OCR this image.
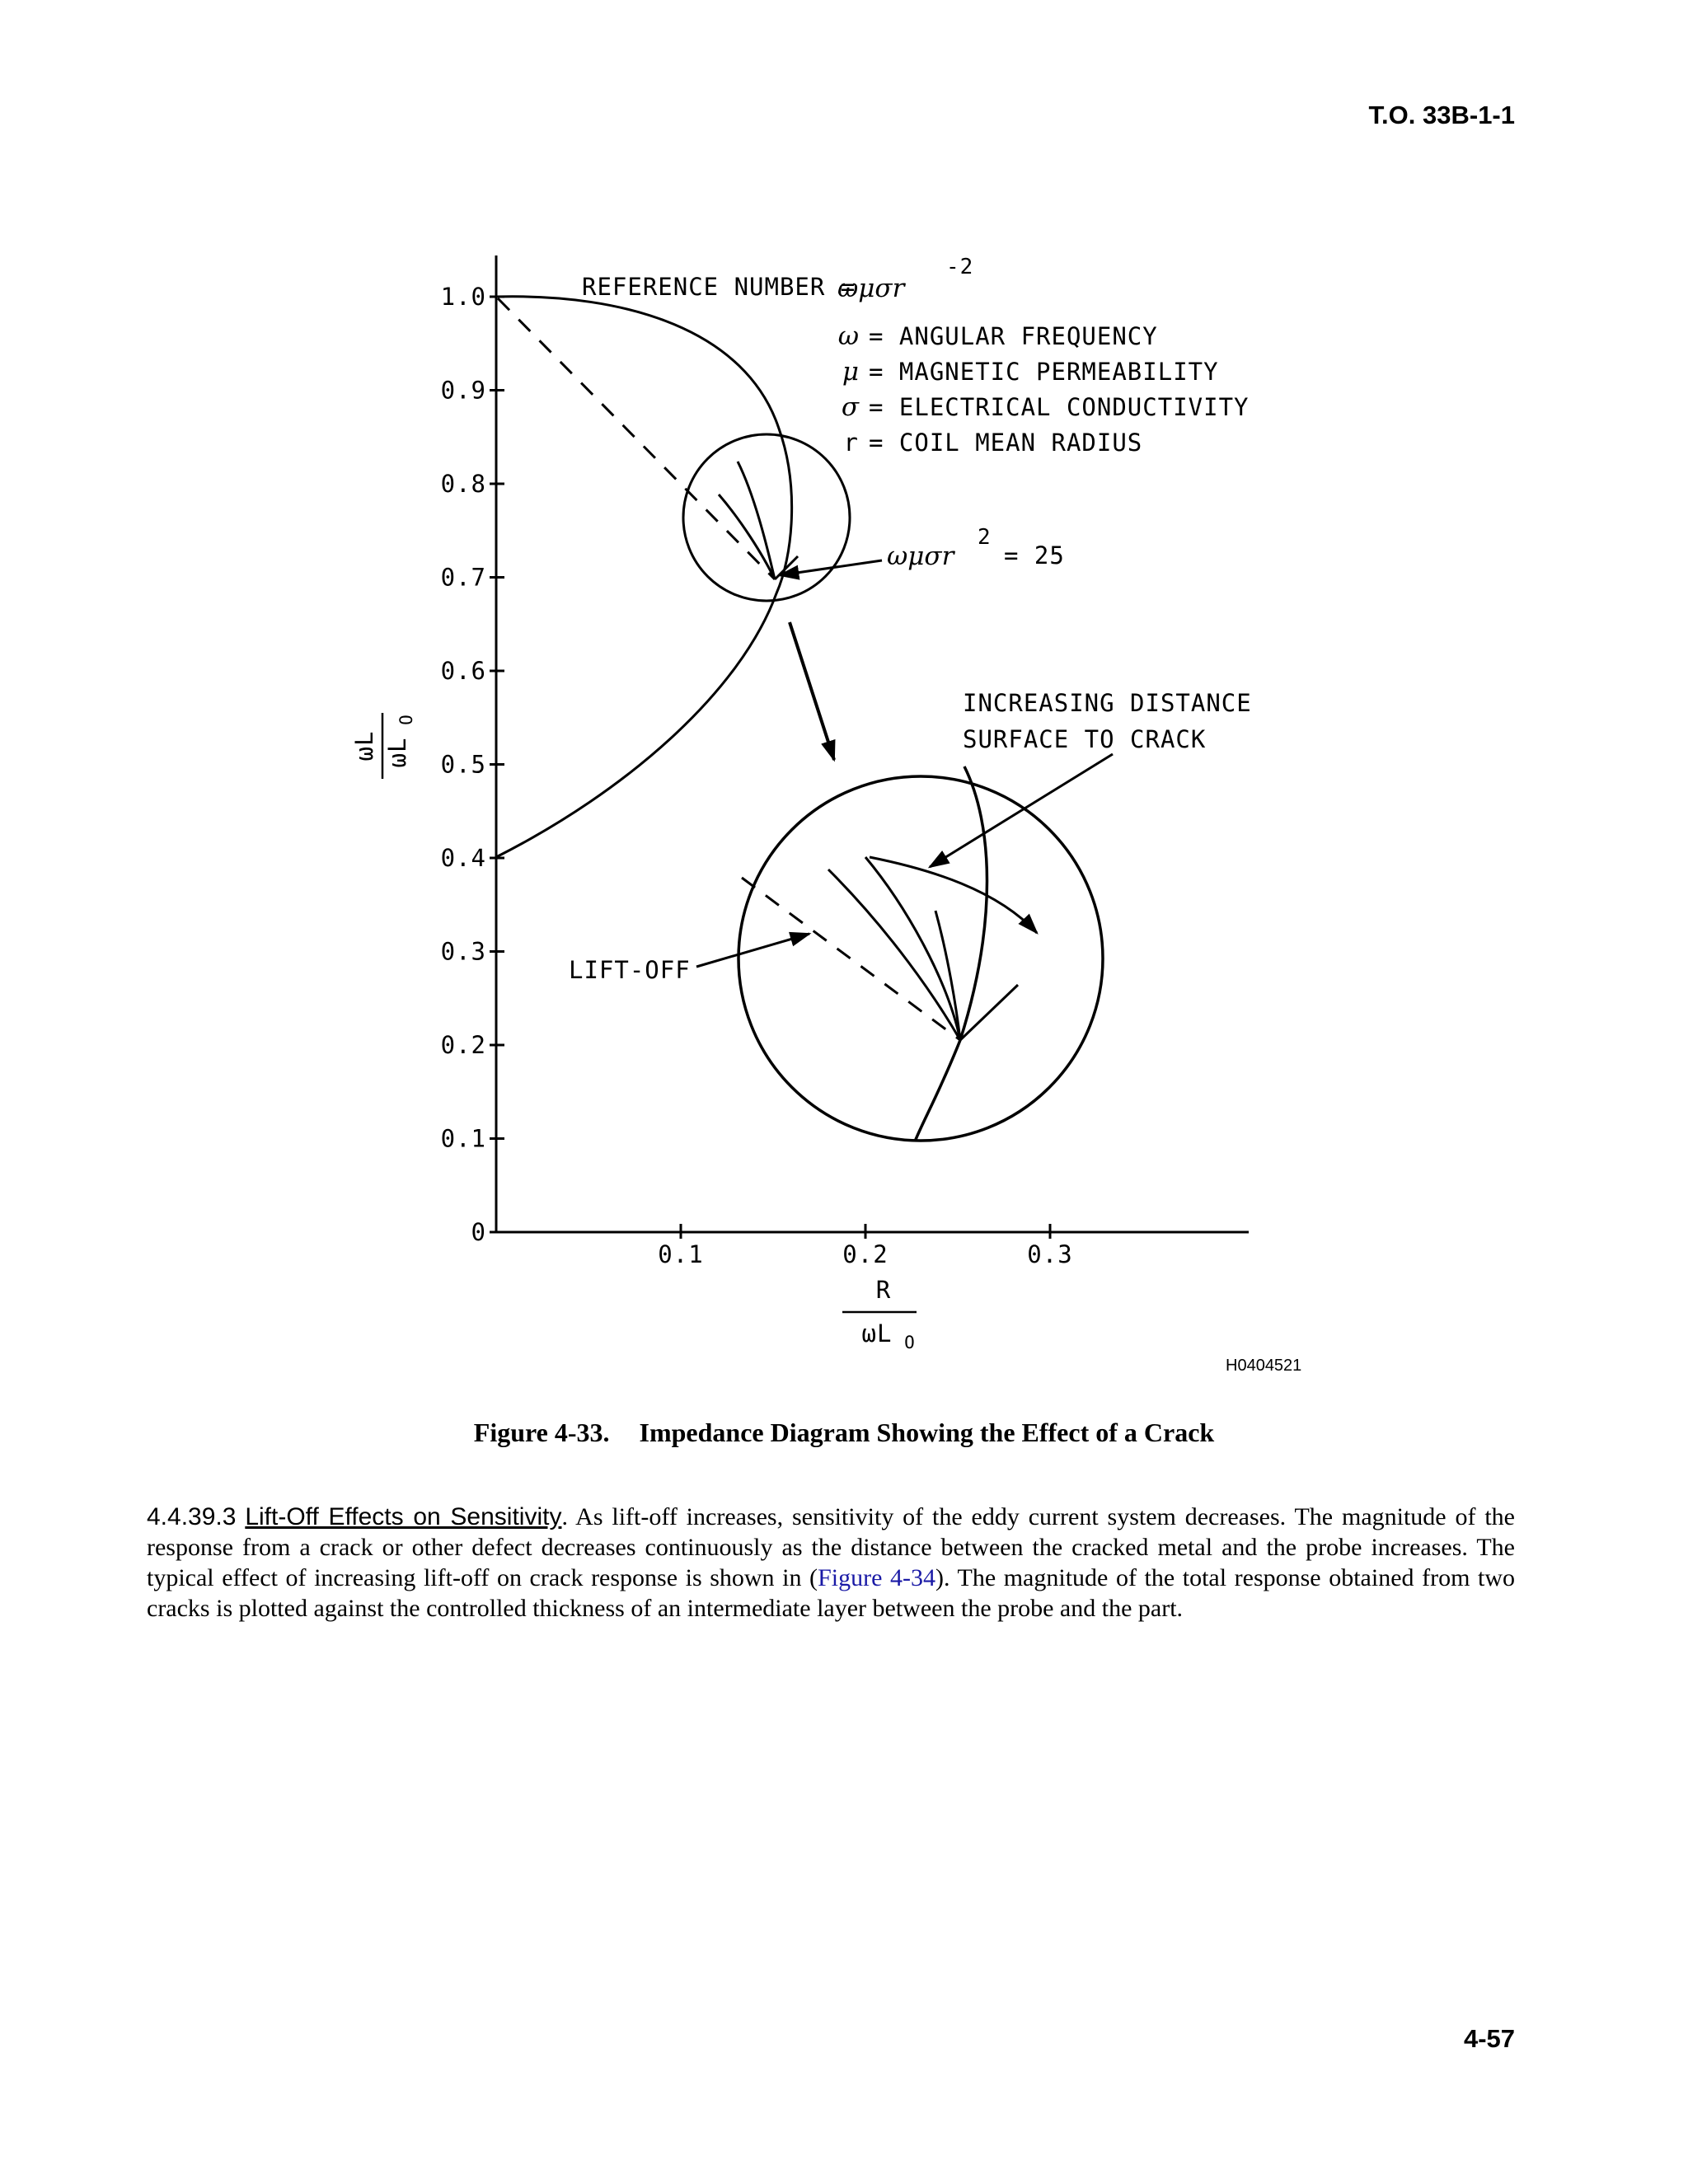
T.O. 33B-1-1
1.0
0.9
0.8
0.7
0.6
0.5
0.4
0.3
0.2
0.1
0
0.1	0.2	0.3
ωL ωL
O
R
ωL O
REFERENCE NUMBER =
ωμσr
-2
ω = ANGULAR FREQUENCY
μ = MAGNETIC PERMEABILITY
σ = ELECTRICAL CONDUCTIVITY
r = COIL MEAN RADIUS
ωμσr
2
= 25
INCREASING DISTANCE
SURFACE TO CRACK
LIFT-OFF
H0404521
Figure 4-33. Impedance Diagram Showing the Effect of a Crack
4.4.39.3 Lift-Off Effects on Sensitivity. As lift-off increases, sensitivity of the eddy current system decreases. The magnitude of the response from a crack or other defect decreases continuously as the distance between the cracked metal and the probe increases. The typical effect of increasing lift-off on crack response is shown in (Figure 4-34). The magnitude of the total response obtained from two cracks is plotted against the controlled thickness of an intermediate layer between the probe and the part.
4-57
